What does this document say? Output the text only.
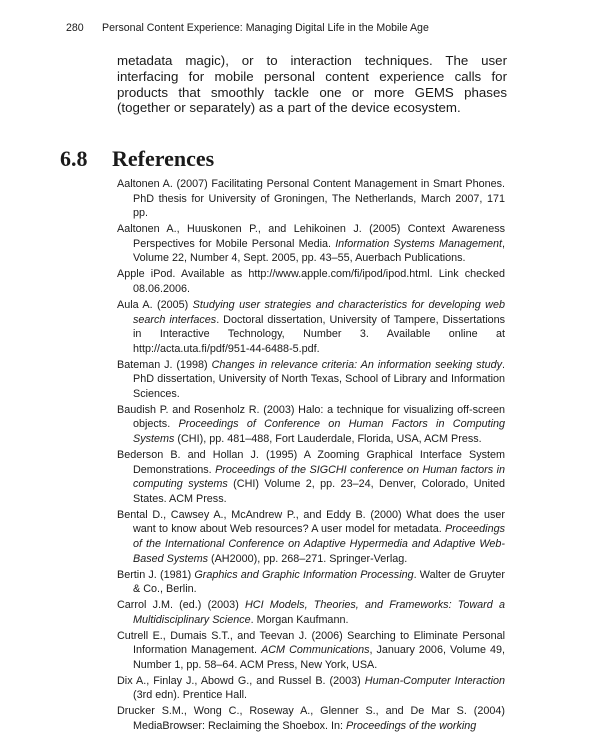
280 Personal Content Experience: Managing Digital Life in the Mobile Age

metadata magic), or to interaction techniques. The user interfacing for mobile personal content experience calls for products that smoothly tackle one or more GEMS phases (together or separately) as a part of the device ecosystem.

6.8 References

Aaltonen A. (2007) Facilitating Personal Content Management in Smart Phones. PhD thesis for University of Groningen, The Netherlands, March 2007, 171 pp.

Aaltonen A., Huuskonen P., and Lehikoinen J. (2005) Context Awareness Perspectives for Mobile Personal Media. Information Systems Management, Volume 22, Number 4, Sept. 2005, pp. 43–55, Auerbach Publications.

Apple iPod. Available as http://www.apple.com/fi/ipod/ipod.html. Link checked 08.06.2006.

Aula A. (2005) Studying user strategies and characteristics for developing web search interfaces. Doctoral dissertation, University of Tampere, Dissertations in Interactive Technology, Number 3. Available online at http://acta.uta.fi/pdf/951-44-6488-5.pdf.

Bateman J. (1998) Changes in relevance criteria: An information seeking study. PhD dissertation, University of North Texas, School of Library and Information Sciences.

Baudish P. and Rosenholz R. (2003) Halo: a technique for visualizing off-screen objects. Proceedings of Conference on Human Factors in Computing Systems (CHI), pp. 481–488, Fort Lauderdale, Florida, USA, ACM Press.

Bederson B. and Hollan J. (1995) A Zooming Graphical Interface System Demonstrations. Proceedings of the SIGCHI conference on Human factors in computing systems (CHI) Volume 2, pp. 23–24, Denver, Colorado, United States. ACM Press.

Bental D., Cawsey A., McAndrew P., and Eddy B. (2000) What does the user want to know about Web resources? A user model for metadata. Proceedings of the International Conference on Adaptive Hypermedia and Adaptive Web-Based Systems (AH2000), pp. 268–271. Springer-Verlag.

Bertin J. (1981) Graphics and Graphic Information Processing. Walter de Gruyter & Co., Berlin.

Carrol J.M. (ed.) (2003) HCI Models, Theories, and Frameworks: Toward a Multidisciplinary Science. Morgan Kaufmann.

Cutrell E., Dumais S.T., and Teevan J. (2006) Searching to Eliminate Personal Information Management. ACM Communications, January 2006, Volume 49, Number 1, pp. 58–64. ACM Press, New York, USA.

Dix A., Finlay J., Abowd G., and Russel B. (2003) Human-Computer Interaction (3rd edn). Prentice Hall.

Drucker S.M., Wong C., Roseway A., Glenner S., and De Mar S. (2004) MediaBrowser: Reclaiming the Shoebox. In: Proceedings of the working
